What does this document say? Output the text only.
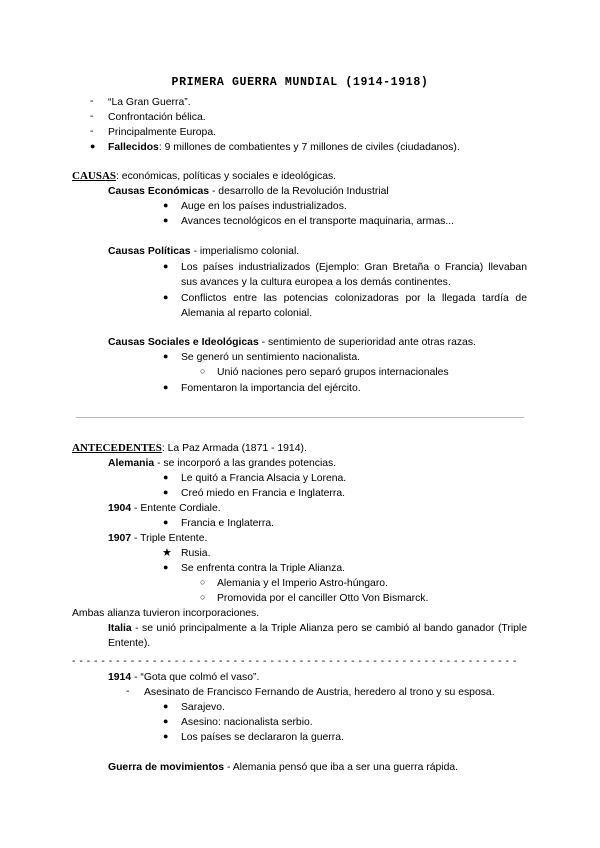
PRIMERA GUERRA MUNDIAL (1914-1918)
- “La Gran Guerra”.
- Confrontación bélica.
- Principalmente Europa.
● Fallecidos: 9 millones de combatientes y 7 millones de civiles (ciudadanos).
CAUSAS: económicas, políticas y sociales e ideológicas.
Causas Económicas - desarrollo de la Revolución Industrial
● Auge en los países industrializados.
● Avances tecnológicos en el transporte maquinaria, armas...
Causas Políticas - imperialismo colonial.
● Los países industrializados (Ejemplo: Gran Bretaña o Francia) llevaban sus avances y la cultura europea a los demás continentes.
● Conflictos entre las potencias colonizadoras por la llegada tardía de Alemania al reparto colonial.
Causas Sociales e Ideológicas - sentimiento de superioridad ante otras razas.
● Se generó un sentimiento nacionalista.
○ Unió naciones pero separó grupos internacionales
● Fomentaron la importancia del ejército.
ANTECEDENTES: La Paz Armada (1871 - 1914).
Alemania - se incorporó a las grandes potencias.
● Le quitó a Francia Alsacia y Lorena.
● Creó miedo en Francia e Inglaterra.
1904 - Entente Cordiale.
● Francia e Inglaterra.
1907 - Triple Entente.
★ Rusia.
● Se enfrenta contra la Triple Alianza.
○ Alemania y el Imperio Astro-húngaro.
○ Promovida por el canciller Otto Von Bismarck.
Ambas alianza tuvieron incorporaciones.
Italia - se unió principalmente a la Triple Alianza pero se cambió al bando ganador (Triple Entente).
- - - - - - - - - - - - - - - - - - - - - - - - - - - - - - - - - - - - - - - - - - - - - - - - - - - - - - - - - - - - -
1914 - “Gota que colmó el vaso”.
- Asesinato de Francisco Fernando de Austria, heredero al trono y su esposa.
● Sarajevo.
● Asesino: nacionalista serbio.
● Los países se declararon la guerra.
Guerra de movimientos - Alemania pensó que iba a ser una guerra rápida.
